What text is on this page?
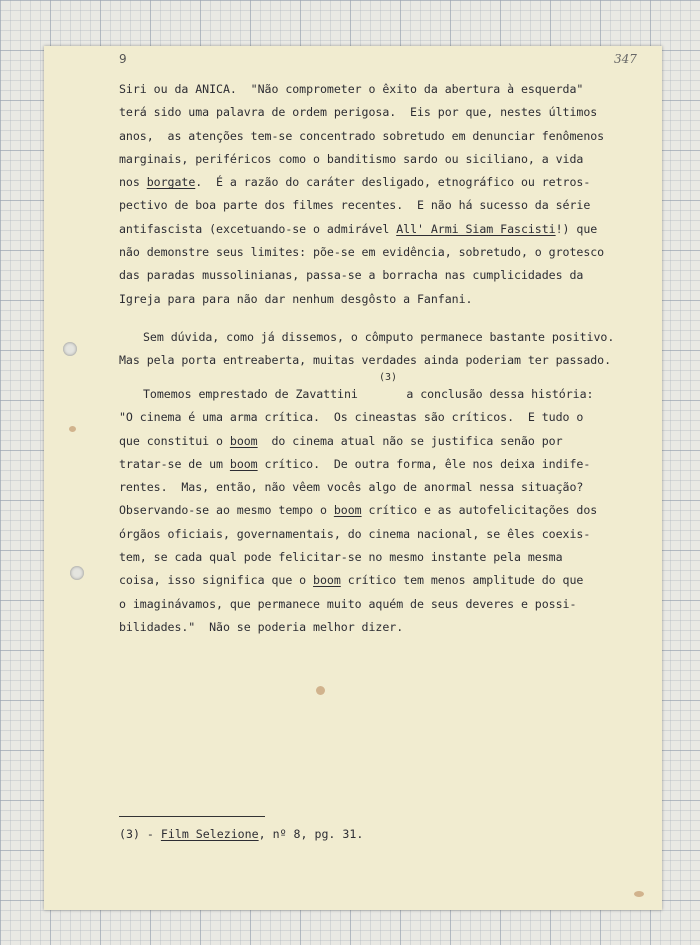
9	347
Siri ou da ANICA.  "Não comprometer o êxito da abertura à esquerda"
terá sido uma palavra de ordem perigosa.  Eis por que, nestes últimos
anos,  as atenções tem-se concentrado sobretudo em denunciar fenômenos
marginais, periféricos como o banditismo sardo ou siciliano, a vida
nos borgate.  É a razão do caráter desligado, etnográfico ou retros-
pectivo de boa parte dos filmes recentes.  E não há sucesso da série
antifascista (excetuando-se o admirável All' Armi Siam Fascisti!) que
não demonstre seus limites: põe-se em evidência, sobretudo, o grotesco
das paradas mussolinianas, passa-se a borracha nas cumplicidades da
Igreja para para não dar nenhum desgôsto a Fanfani.
Sem dúvida, como já dissemos, o cômputo permanece bastante positivo.
Mas pela porta entreaberta, muitas verdades ainda poderiam ter passado.
Tomemos emprestado de Zavattini       a conclusão dessa história:
"O cinema é uma arma crítica.  Os cineastas são críticos.  E tudo o
que constitui o boom  do cinema atual não se justifica senão por
tratar-se de um boom crítico.  De outra forma, êle nos deixa indife-
rentes.  Mas, então, não vêem vocês algo de anormal nessa situação?
Observando-se ao mesmo tempo o boom crítico e as autofelicitações dos
órgãos oficiais, governamentais, do cinema nacional, se êles coexis-
tem, se cada qual pode felicitar-se no mesmo instante pela mesma
coisa, isso significa que o boom crítico tem menos amplitude do que
o imaginávamos, que permanece muito aquém de seus deveres e possi-
bilidades."  Não se poderia melhor dizer.
(3)
(3) - Film Selezione, nº 8, pg. 31.
